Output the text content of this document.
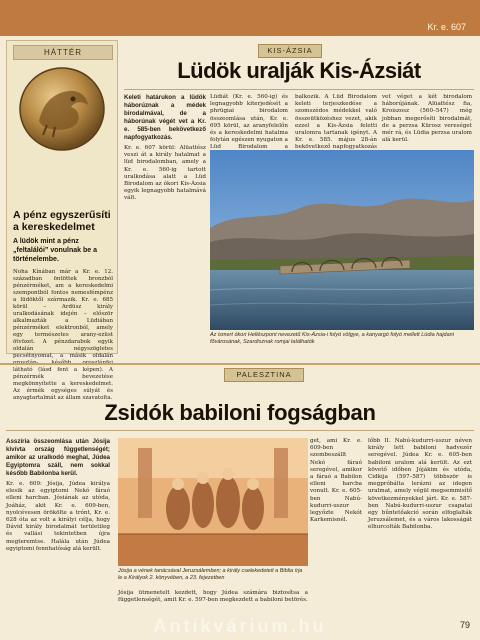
Kr. e. 607
HÁTTÉR
A pénz egyszerűsíti a kereskedelmet

A lüdök mint a pénz „feltalálói” vonulnak be a történelembe.

Noha Kínában már a Kr. e. 12. században öntöttek bronzból pénzérméket, am a kereskedelmi szempontból fontos nemesfémpénz a lüdöktől származik. Kr. e. 685 körül – Ardüsz király uralkodásának idején – először alkalmazták a Lüdiában pénzérméket elektronból, amely egy természetes arany-ezüst ötvözet. A pénzdarabok egyik oldalán négyszögletes pecsétnyomat, a másik oldalán látható (lásd fent a képen). A pénzérmék bevezetése megkönnyítette a kereskedelmet. Az érmék egységes súlyát és anyagtartalmát az állam szavatolta.

KIS-ÁZSIA
Lüdök uralják Kis-Ázsiát

Keleti határukon a lüdök háborúznak a médek birodalmával, de a háborúnak végét vet a Kr. e. 585-ben bekövetkező napfogyatkozás.

Kr. e. 607 körül: Alüattész veszi át a király hatalmat a lüd birodalomban, amely a Kr. e. 560-ig tartott uralkodása alatt a Lüd Birodalom az ókori Kis-Ázsia egyik legnagyobb hatalmává vált.

Lüdiát (Kr. e. 560-ig) és legnagyobb kiterjedését a phrügiai birodalom összeomlása után, Kr. e. 695 körül, az aranyfelelőn és a kereskedelmi hatalma folytán egészen nyugaton a Lüd Birodalom a

balkozik. A Lüd Birodalom keleti terjeszkedése a szomszédos médekkel való összeütközéshez vezet, akik ezzel a Kis-Ázsia feletti uralomra tartanak igényt. A Kr. e. 585. május 28-án bekövetkező napfogyatkozás

vet véget a két birodalom háborújának. Alüattész fia, Kroiszosz (560–547) még jobban megerősíti birodalmát, de a perzsa Kürosz vereséget mér rá, és Lüdia perzsa uralom alá kerül.

Az ismert ókori Hellészpont nevezetű Kis-Ázsia-i folyó völgye, a kanyargó folyó mellett Lüdia hajdani fővárosának, Szardisznak romjai találhatók

PALESZTINA
Zsidók babiloni fogságban

Asszíria összeomlása után Jósija kivívta ország függetlenségét; amikor az uralkodó meghal, Júdea Egyiptomra száll, nem sokkal később Babilonba kerül.

Kr. e. 609: Jósija, Júdea királya elesik az egyiptomi Nekó fáraó elleni harcban. Jósiának az utóda, Joáház, akit Kr. e. 609-ben, nyolcévesen örökölte a trónt, Kr. e. 628 óta az volt a királyi célja, hogy Dávid király birodalmát területileg és vallási tekintetben újra megteremtse. Halála után Júdea egyiptomi fennhatóság alá került.

Jósija a vének tanácsával Jeruzsálemben; a király cselekedeteit a Biblia írja le a Királyok 2. könyvében, a 23. fejezetben

get, ami Kr. e. 609-ben szembeszállt Nekó fáraó seregével, amikor a fáraó a Babilon elleni harcba vonult. Kr. e. 605-ben Nabú-kudurri-uszur legyőzte Nekót Karkemisnél.

lőbb II. Nabú-kudurri-uszur néven király lett babiloni hadvezér seregével. Júdea Kr. e. 605-ben babiloni uralom alá került. Az ezt követő időben Jójákim és utóda, Cidkija (597–587) többször is megpróbálta lerázni az idegen uralmat, amely végül megsemmisítő következményekkel járt. Kr. e. 587-ben Nabú-kudurri-uszur csapatai egy bűntetőakció során elfoglalták Jeruzsálemet, és a város lakosságát elhurcolták Babilonba.

Jósija ütmenetelt kezdett, hogy Júdea számára biztosítsa a függetlenségét, amit Kr. e. 597-ben megkezdett a babiloni betörés.

Antikvárium.hu	79
